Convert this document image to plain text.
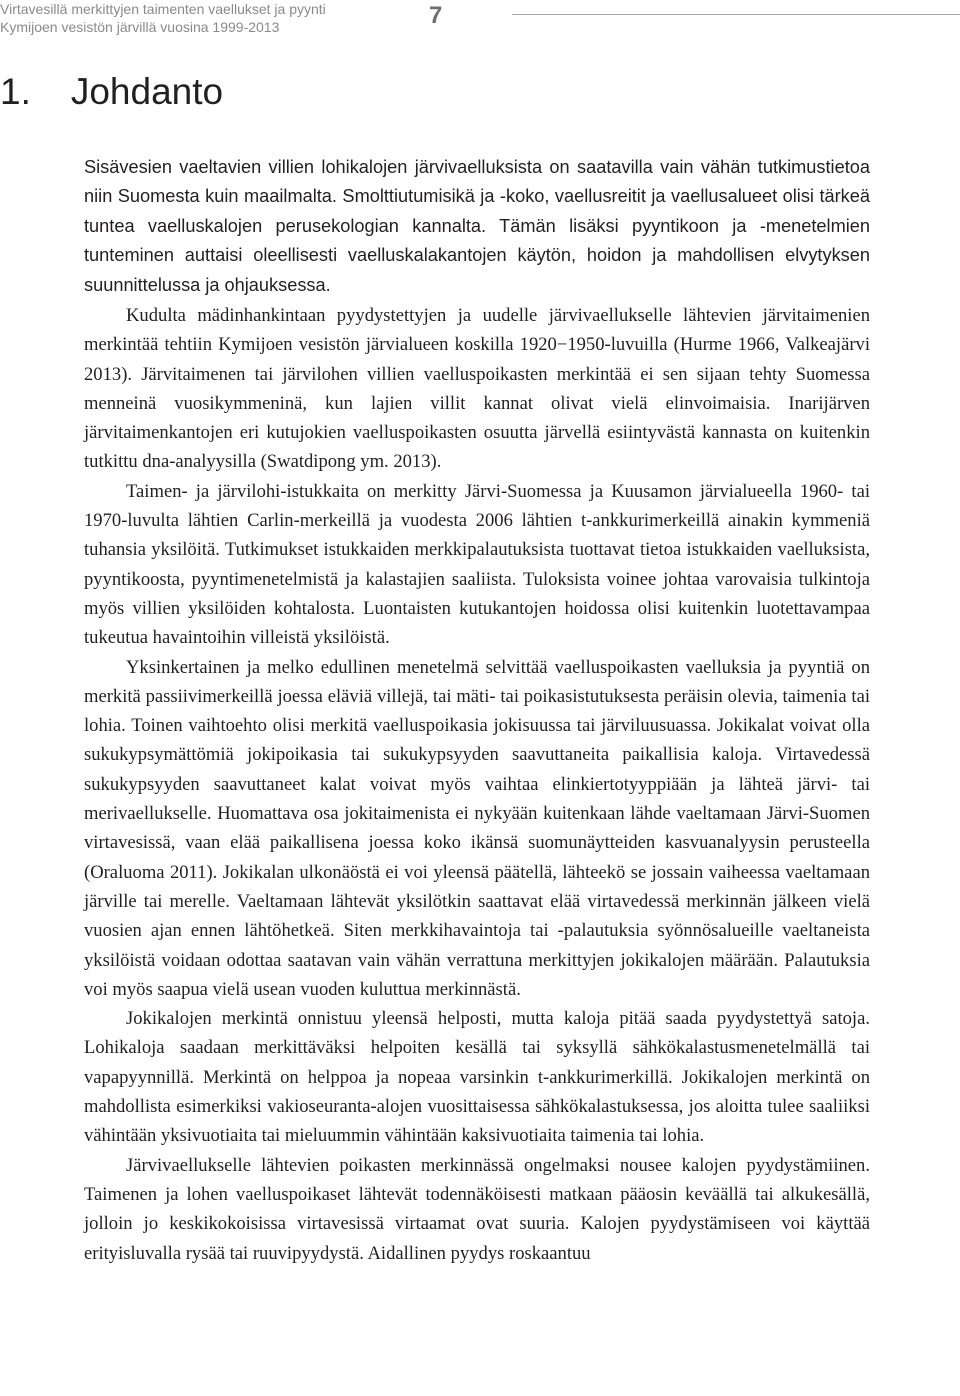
Virtavesillä merkittyjen taimenten vaellukset ja pyynti
Kymijoen vesistön järvillä vuosina 1999-2013	7
1. Johdanto

Sisävesien vaeltavien villien lohikalojen järvivaelluksista on saatavilla vain vähän tutkimustietoa niin Suomesta kuin maailmalta. Smolttiutumisikä ja -koko, vaellusreitit ja vaellusalueet olisi tärkeä tuntea vaelluskalojen perusekologian kannalta. Tämän lisäksi pyyntikoon ja -menetelmien tunteminen auttaisi oleellisesti vaelluskalakantojen käytön, hoidon ja mahdollisen elvytyksen suunnittelussa ja ohjauksessa.

Kudulta mädinhankintaan pyydystettyjen ja uudelle järvivaellukselle lähtevien järvitaimenien merkintää tehtiin Kymijoen vesistön järvialueen koskilla 1920−1950-luvuilla (Hurme 1966, Valkeajärvi 2013). Järvitaimenen tai järvilohen villien vaelluspoikasten merkintää ei sen sijaan tehty Suomessa menneinä vuosikymmeninä, kun lajien villit kannat olivat vielä elinvoimaisia. Inarijärven järvitaimenkantojen eri kutujokien vaelluspoikasten osuutta järvellä esiintyvästä kannasta on kuitenkin tutkittu dna-analyysilla (Swatdipong ym. 2013).

Taimen- ja järvilohi-istukkaita on merkitty Järvi-Suomessa ja Kuusamon järvialueella 1960- tai 1970-luvulta lähtien Carlin-merkeillä ja vuodesta 2006 lähtien t-ankkurimerkeillä ainakin kymmeniä tuhansia yksilöitä. Tutkimukset istukkaiden merkkipalautuksista tuottavat tietoa istukkaiden vaelluksista, pyyntikoosta, pyyntimenetelmistä ja kalastajien saaliista. Tuloksista voinee johtaa varovaisia tulkintoja myös villien yksilöiden kohtalosta. Luontaisten kutukantojen hoidossa olisi kuitenkin luotettavampaa tukeutua havaintoihin villeistä yksilöistä.

Yksinkertainen ja melko edullinen menetelmä selvittää vaelluspoikasten vaelluksia ja pyyntiä on merkitä passiivimerkeillä joessa eläviä villejä, tai mäti- tai poikasistutuksesta peräisin olevia, taimenia tai lohia. Toinen vaihtoehto olisi merkitä vaelluspoikasia jokisuussa tai järviluusuassa. Jokikalat voivat olla sukukypsymättömiä jokipoikasia tai sukukypsyyden saavuttaneita paikallisia kaloja. Virtavedessä sukukypsyyden saavuttaneet kalat voivat myös vaihtaa elinkiertotyyppiään ja lähteä järvi- tai merivaellukselle. Huomattava osa jokitaimenista ei nykyään kuitenkaan lähde vaeltamaan Järvi-Suomen virtavesissä, vaan elää paikallisena joessa koko ikänsä suomunäytteiden kasvuanalyysin perusteella (Oraluoma 2011). Jokikalan ulkonäöstä ei voi yleensä päätellä, lähteekö se jossain vaiheessa vaeltamaan järville tai merelle. Vaeltamaan lähtevät yksilötkin saattavat elää virtavedessä merkinnän jälkeen vielä vuosien ajan ennen lähtöhetkeä. Siten merkkihavaintoja tai -palautuksia syönnösalueille vaeltaneista yksilöistä voidaan odottaa saatavan vain vähän verrattuna merkittyjen jokikalojen määrään. Palautuksia voi myös saapua vielä usean vuoden kuluttua merkinnästä.

Jokikalojen merkintä onnistuu yleensä helposti, mutta kaloja pitää saada pyydystettyä satoja. Lohikaloja saadaan merkittäväksi helpoiten kesällä tai syksyllä sähkökalastusmenetelmällä tai vapapyynnillä. Merkintä on helppoa ja nopeaa varsinkin t-ankkurimerkillä. Jokikalojen merkintä on mahdollista esimerkiksi vakioseuranta-alojen vuosittaisessa sähkökalastuksessa, jos aloitta tulee saaliiksi vähintään yksivuotiaita tai mieluummin vähintään kaksivuotiaita taimenia tai lohia.

Järvivaellukselle lähtevien poikasten merkinnässä ongelmaksi nousee kalojen pyydystämiinen. Taimenen ja lohen vaelluspoikaset lähtevät todennäköisesti matkaan pääosin keväällä tai alkukesällä, jolloin jo keskikokoisissa virtavesissä virtaamat ovat suuria. Kalojen pyydystämiseen voi käyttää erityisluvalla rysää tai ruuvipyydystä. Aidallinen pyydys roskaantuu
